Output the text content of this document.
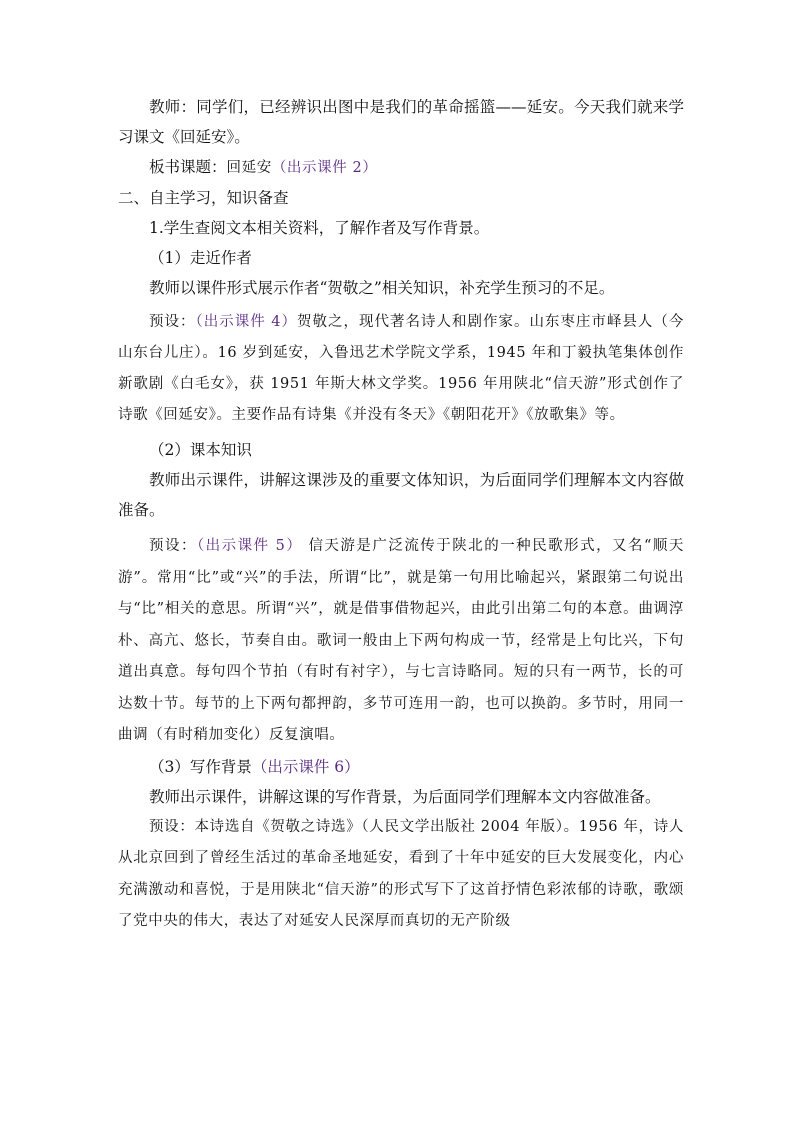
教师：同学们，已经辨识出图中是我们的革命摇篮——延安。今天我们就来学习课文《回延安》。

板书课题：回延安（出示课件 2）

二、自主学习，知识备查

1.学生查阅文本相关资料，了解作者及写作背景。

（1）走近作者

教师以课件形式展示作者“贺敬之”相关知识，补充学生预习的不足。

预设：（出示课件 4）贺敬之，现代著名诗人和剧作家。山东枣庄市峄县人（今山东台儿庄）。16 岁到延安，入鲁迅艺术学院文学系，1945 年和丁毅执笔集体创作新歌剧《白毛女》，获 1951 年斯大林文学奖。1956 年用陕北“信天游”形式创作了诗歌《回延安》。主要作品有诗集《并没有冬天》《朝阳花开》《放歌集》等。

（2）课本知识

教师出示课件，讲解这课涉及的重要文体知识，为后面同学们理解本文内容做准备。

预设：（出示课件 5） 信天游是广泛流传于陕北的一种民歌形式，又名“顺天游”。常用“比”或“兴”的手法，所谓“比”，就是第一句用比喻起兴，紧跟第二句说出与“比”相关的意思。所谓“兴”，就是借事借物起兴，由此引出第二句的本意。曲调淳朴、高亢、悠长，节奏自由。歌词一般由上下两句构成一节，经常是上句比兴，下句道出真意。每句四个节拍（有时有衬字），与七言诗略同。短的只有一两节，长的可达数十节。每节的上下两句都押韵，多节可连用一韵，也可以换韵。多节时，用同一曲调（有时稍加变化）反复演唱。

（3）写作背景（出示课件 6）

教师出示课件，讲解这课的写作背景，为后面同学们理解本文内容做准备。

预设：本诗选自《贺敬之诗选》（人民文学出版社 2004 年版）。1956 年，诗人从北京回到了曾经生活过的革命圣地延安，看到了十年中延安的巨大发展变化，内心充满激动和喜悦，于是用陕北“信天游”的形式写下了这首抒情色彩浓郁的诗歌，歌颂了党中央的伟大，表达了对延安人民深厚而真切的无产阶级
